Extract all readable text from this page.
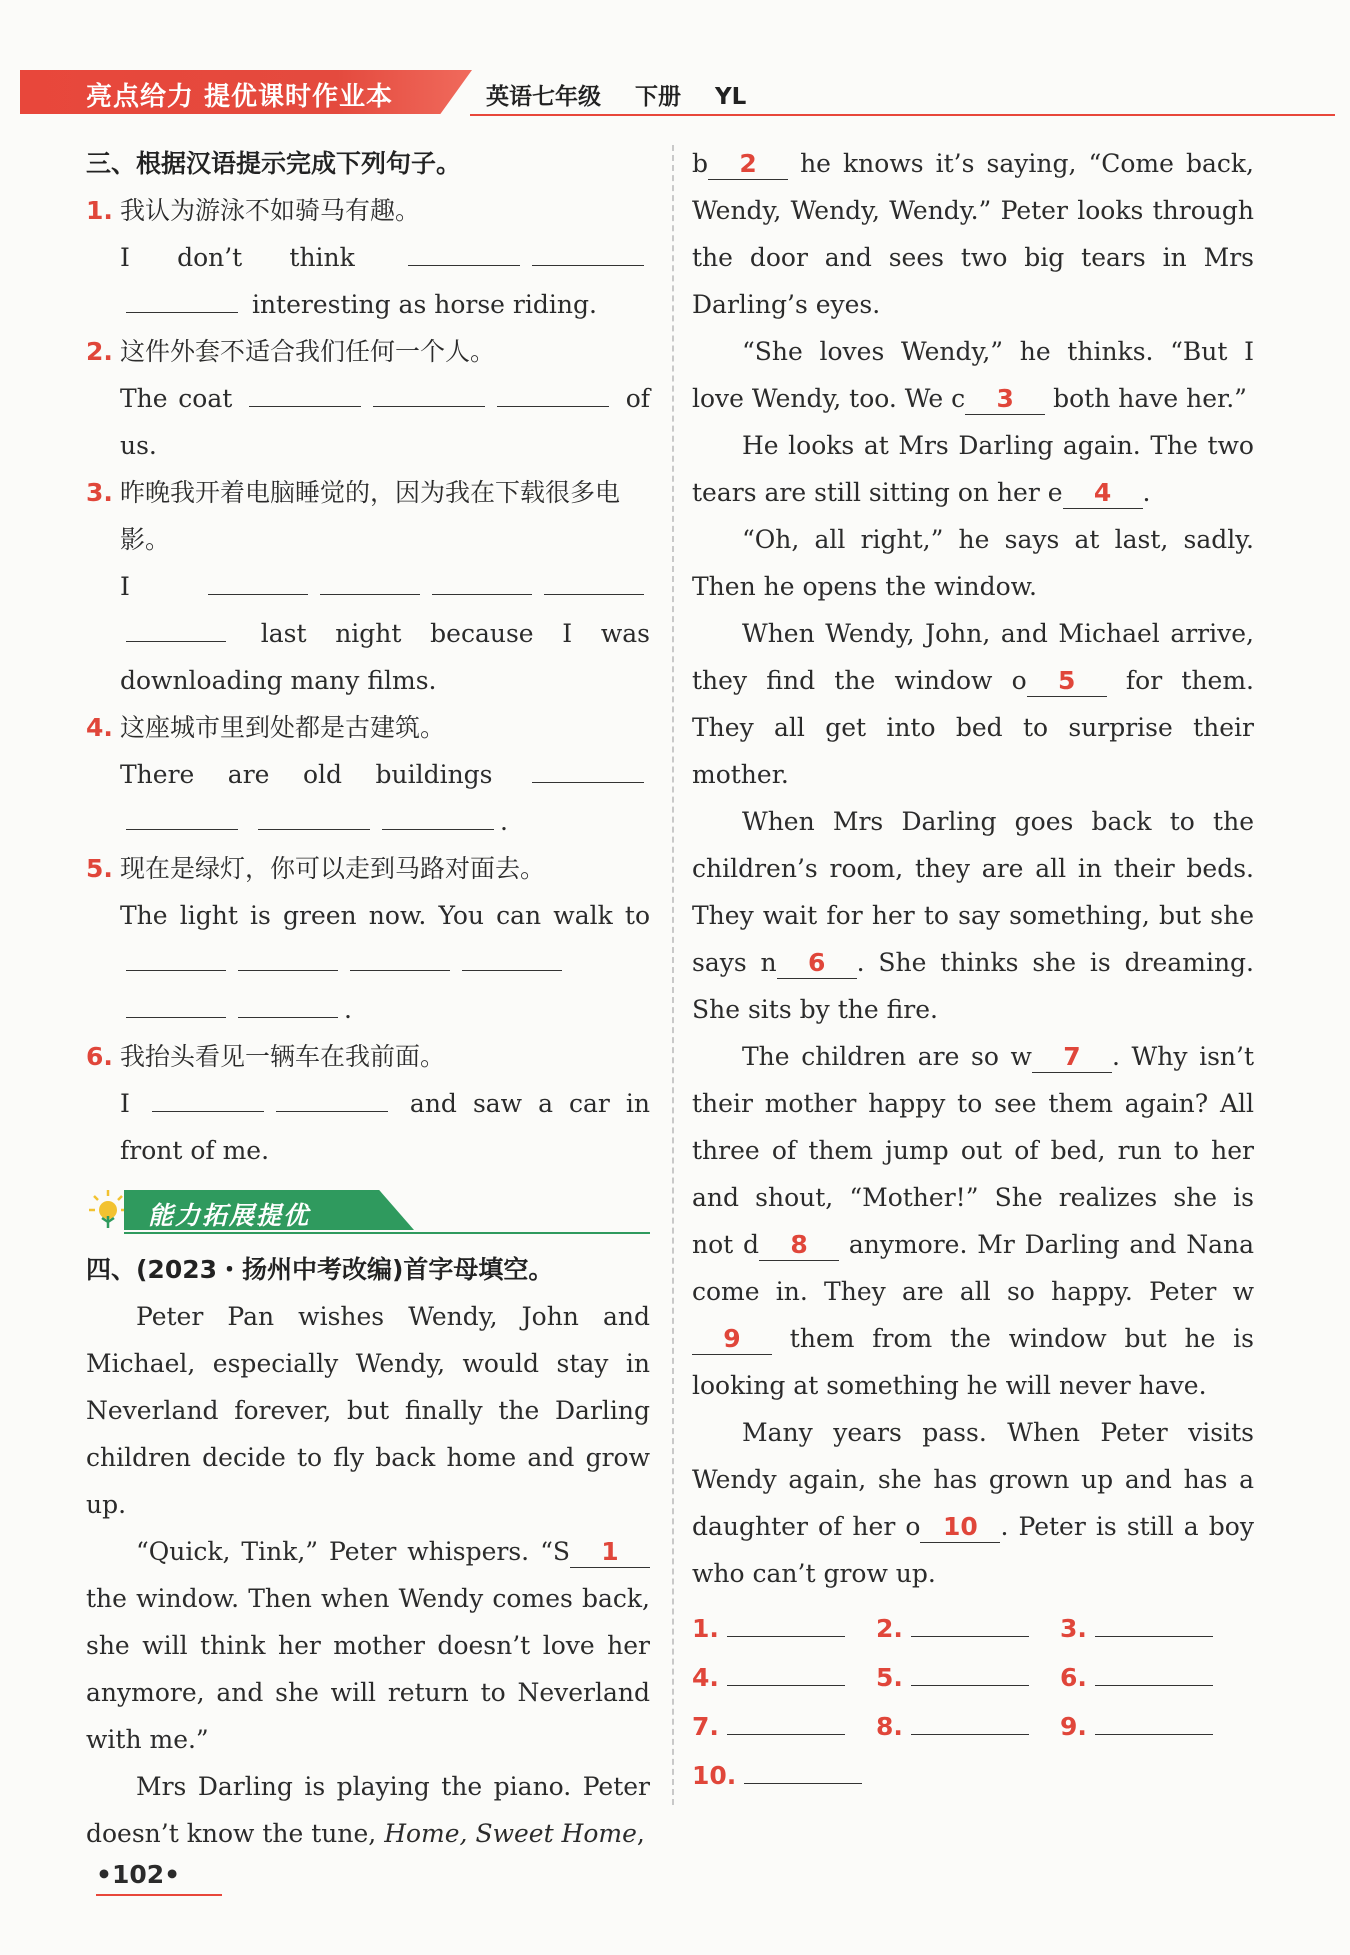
亮点给力 提优课时作业本	英语七年级 下册 YL
三、根据汉语提示完成下列句子。
1. 我认为游泳不如骑马有趣。
I don’t think  interesting as horse riding.
2. 这件外套不适合我们任何一个人。
The coat	of us.
3. 昨晚我开着电脑睡觉的，因为我在下载很多电影。
I   last night because I was downloading many films.
4. 这座城市里到处都是古建筑。
There are old buildings  .
5. 现在是绿灯，你可以走到马路对面去。
The light is green now. You can walk to  .
6. 我抬头看见一辆车在我前面。
I	and saw a car in front of me.
能力拓展提优
四、(2023・扬州中考改编)首字母填空。
Peter Pan wishes Wendy, John and Michael, especially Wendy, would stay in Neverland forever, but finally the Darling children decide to fly back home and grow up.
“Quick, Tink,” Peter whispers. “S 1 the window. Then when Wendy comes back, she will think her mother doesn’t love her anymore, and she will return to Neverland with me.”
Mrs Darling is playing the piano. Peter doesn’t know the tune, Home, Sweet Home,
b 2 he knows it’s saying, “Come back, Wendy, Wendy, Wendy.” Peter looks through the door and sees two big tears in Mrs Darling’s eyes.
“She loves Wendy,” he thinks. “But I love Wendy, too. We c 3 both have her.”
He looks at Mrs Darling again. The two tears are still sitting on her e 4 .
“Oh, all right,” he says at last, sadly. Then he opens the window.
When Wendy, John, and Michael arrive, they find the window o 5 for them. They all get into bed to surprise their mother.
When Mrs Darling goes back to the children’s room, they are all in their beds. They wait for her to say something, but she says n 6 . She thinks she is dreaming. She sits by the fire.
The children are so w 7 . Why isn’t their mother happy to see them again? All three of them jump out of bed, run to her and shout, “Mother!” She realizes she is not d 8 anymore. Mr Darling and Nana come in. They are all so happy. Peter w9 them from the window but he is looking at something he will never have.
Many years pass. When Peter visits Wendy again, she has grown up and has a daughter of her o 10 . Peter is still a boy who can’t grow up.
1.	2.	3.
4.	5.	6.
7.	8.	9.
10.
•102•
